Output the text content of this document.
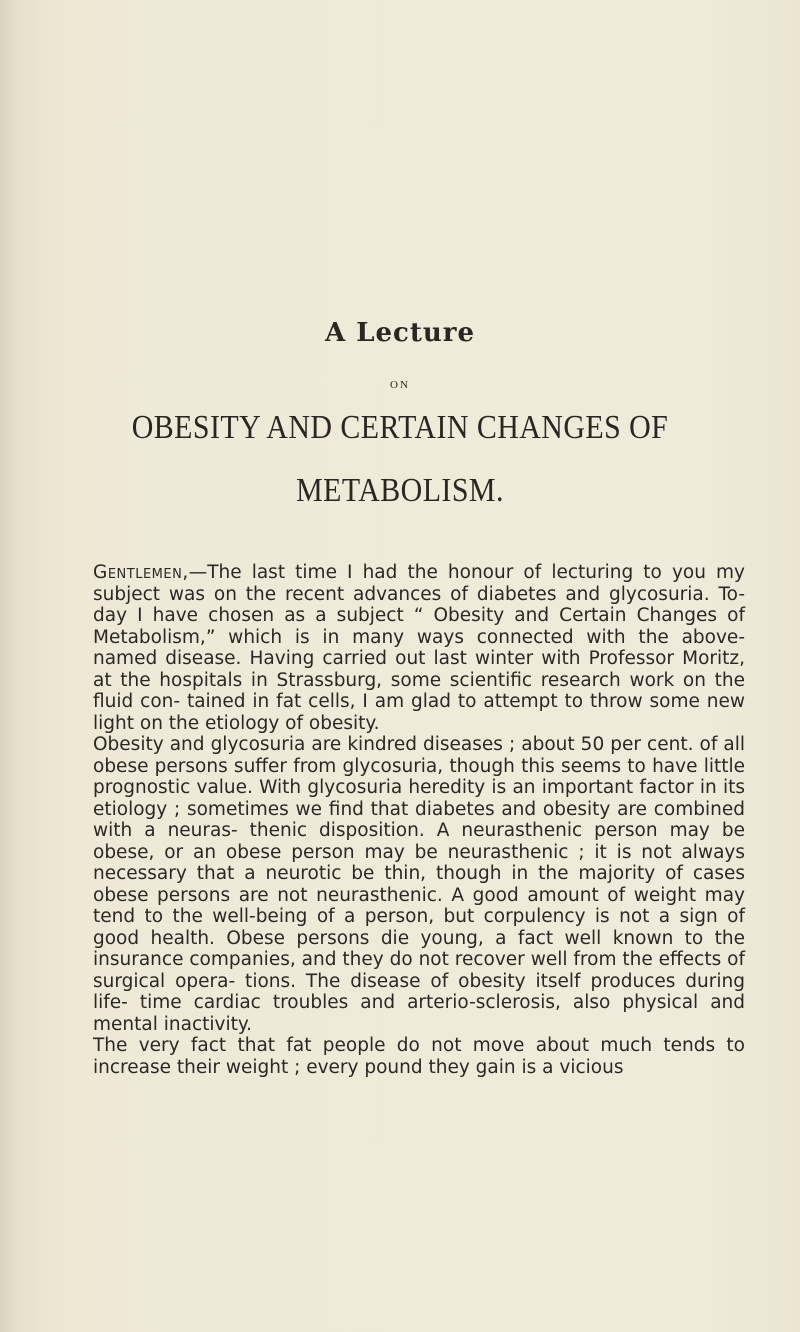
A Lecture
ON
OBESITY AND CERTAIN CHANGES OF
METABOLISM.

Gentlemen,—The last time I had the honour of lecturing to you my subject was on the recent advances of diabetes and glycosuria. To-day I have chosen as a subject “ Obesity and Certain Changes of Metabolism,” which is in many ways connected with the above-named disease. Having carried out last winter with Professor Moritz, at the hospitals in Strassburg, some scientific research work on the fluid con- tained in fat cells, I am glad to attempt to throw some new light on the etiology of obesity.

Obesity and glycosuria are kindred diseases ; about 50 per cent. of all obese persons suffer from glycosuria, though this seems to have little prognostic value. With glycosuria heredity is an important factor in its etiology ; sometimes we find that diabetes and obesity are combined with a neuras- thenic disposition. A neurasthenic person may be obese, or an obese person may be neurasthenic ; it is not always necessary that a neurotic be thin, though in the majority of cases obese persons are not neurasthenic. A good amount of weight may tend to the well-being of a person, but corpulency is not a sign of good health. Obese persons die young, a fact well known to the insurance companies, and they do not recover well from the effects of surgical opera- tions. The disease of obesity itself produces during life- time cardiac troubles and arterio-sclerosis, also physical and mental inactivity.

The very fact that fat people do not move about much tends to increase their weight ; every pound they gain is a vicious
